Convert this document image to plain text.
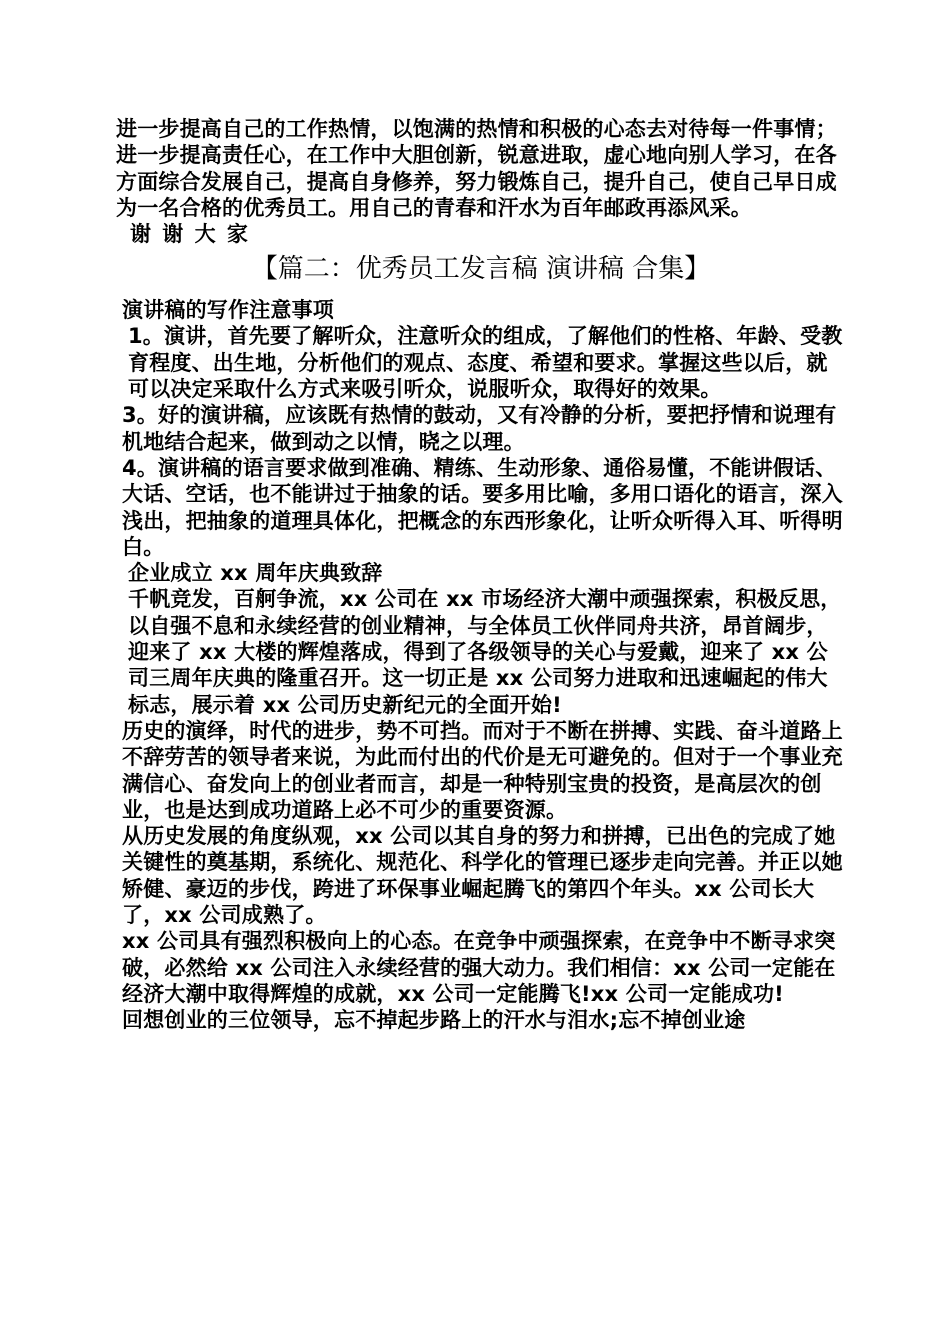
进一步提高自己的工作热情，以饱满的热情和积极的心态去对待每一件事情；进一步提高责任心，在工作中大胆创新，锐意进取，虚心地向别人学习，在各方面综合发展自己，提高自身修养，努力锻炼自己，提升自己，使自己早日成为一名合格的优秀员工。用自己的青春和汗水为百年邮政再添风采。

谢 谢 大 家

【篇二：优秀员工发言稿 演讲稿 合集】

演讲稿的写作注意事项

1。演讲，首先要了解听众，注意听众的组成，了解他们的性格、年龄、受教育程度、出生地，分析他们的观点、态度、希望和要求。掌握这些以后，就可以决定采取什么方式来吸引听众，说服听众，取得好的效果。

3。好的演讲稿，应该既有热情的鼓动，又有冷静的分析，要把抒情和说理有机地结合起来，做到动之以情，晓之以理。

4。演讲稿的语言要求做到准确、精练、生动形象、通俗易懂，不能讲假话、大话、空话，也不能讲过于抽象的话。要多用比喻，多用口语化的语言，深入浅出，把抽象的道理具体化，把概念的东西形象化，让听众听得入耳、听得明白。

企业成立 xx 周年庆典致辞

千帆竞发，百舸争流，xx 公司在 xx 市场经济大潮中顽强探索，积极反思，以自强不息和永续经营的创业精神，与全体员工伙伴同舟共济，昂首阔步，迎来了 xx 大楼的辉煌落成，得到了各级领导的关心与爱戴，迎来了 xx 公司三周年庆典的隆重召开。这一切正是 xx 公司努力进取和迅速崛起的伟大标志，展示着 xx 公司历史新纪元的全面开始!

历史的演绎，时代的进步，势不可挡。而对于不断在拼搏、实践、奋斗道路上不辞劳苦的领导者来说，为此而付出的代价是无可避免的。但对于一个事业充满信心、奋发向上的创业者而言，却是一种特别宝贵的投资，是高层次的创业，也是达到成功道路上必不可少的重要资源。

从历史发展的角度纵观，xx 公司以其自身的努力和拼搏，已出色的完成了她关键性的奠基期，系统化、规范化、科学化的管理已逐步走向完善。并正以她矫健、豪迈的步伐，跨进了环保事业崛起腾飞的第四个年头。xx 公司长大了，xx 公司成熟了。

xx 公司具有强烈积极向上的心态。在竞争中顽强探索，在竞争中不断寻求突破，必然给 xx 公司注入永续经营的强大动力。我们相信：xx 公司一定能在经济大潮中取得辉煌的成就，xx 公司一定能腾飞!xx 公司一定能成功!

回想创业的三位领导，忘不掉起步路上的汗水与泪水;忘不掉创业途
